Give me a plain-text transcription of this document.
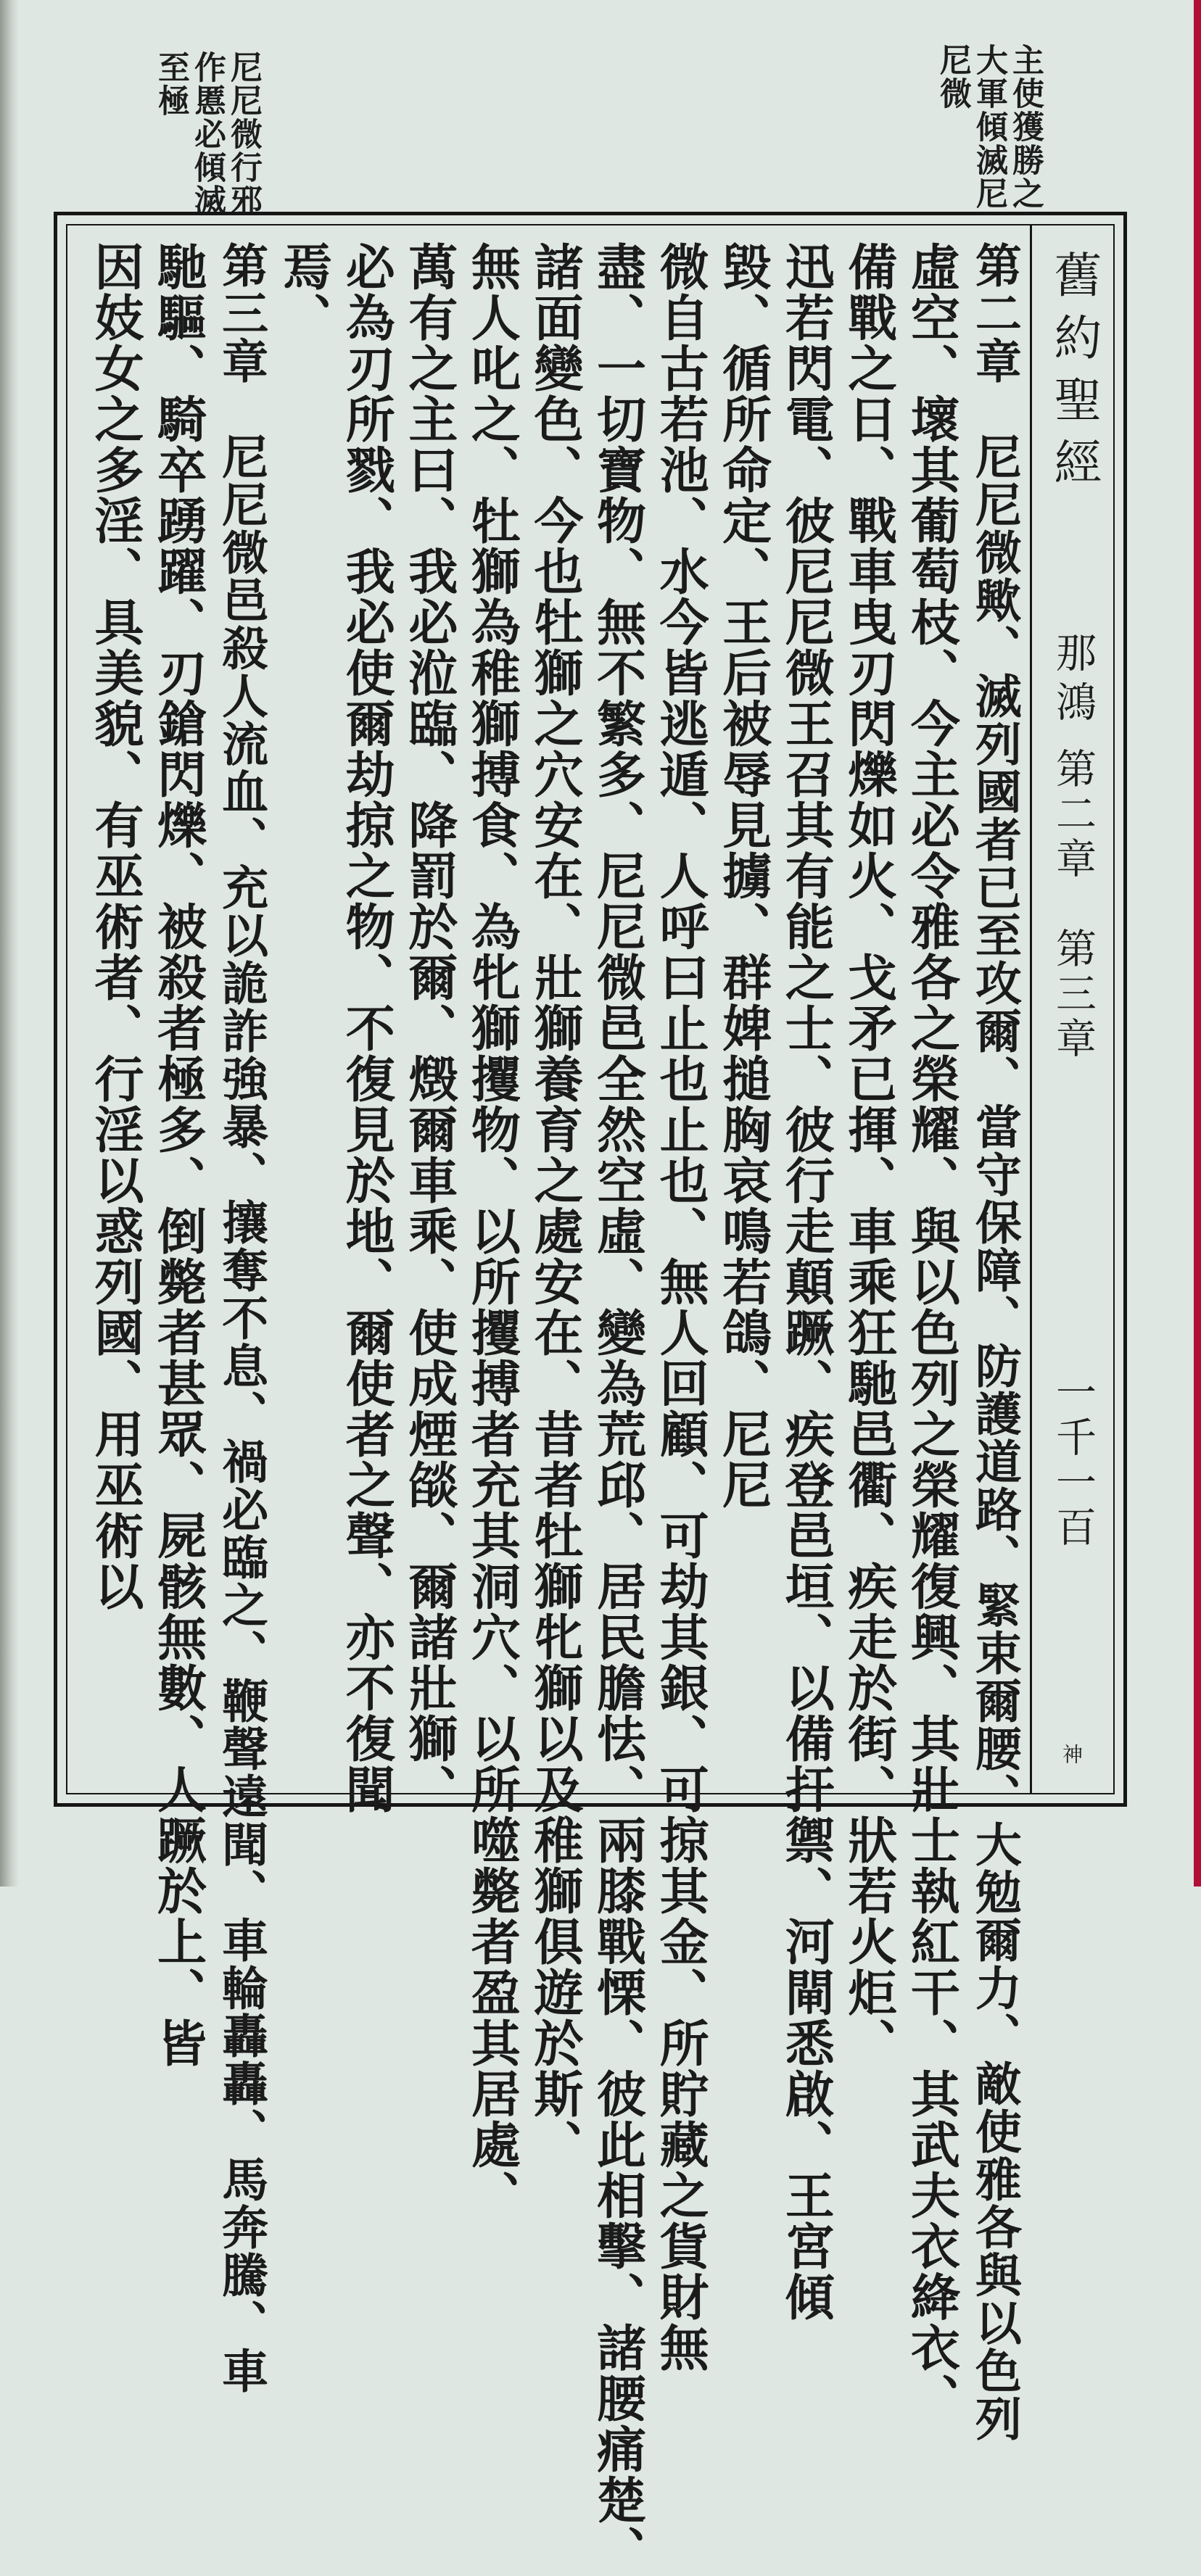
主使獲勝之
大軍傾滅尼
尼微
尼尼微行邪
作慝必傾滅
至極
舊約聖經
那鴻
第二章　第三章
一千一百
神
第二章　尼尼微歟、滅列國者已至攻爾、當守保障、防護道路、緊束爾腰、大勉爾力、敵使雅各與以色列
虛空、壞其葡萄枝、今主必令雅各之榮耀、與以色列之榮耀復興、其壯士執紅干、其武夫衣絳衣、
備戰之日、戰車曳刃閃爍如火、戈矛已揮、車乘狂馳邑衢、疾走於街、狀若火炬、
迅若閃電、彼尼尼微王召其有能之士、彼行走顛蹶、疾登邑垣、以備扞禦、河閘悉啟、王宮傾
毀、循所命定、王后被辱見擄、群婢搥胸哀鳴若鴿、尼尼
微自古若池、水今皆逃遁、人呼曰止也止也、無人回顧、可劫其銀、可掠其金、所貯藏之貨財無
盡、一切寶物、無不繁多、尼尼微邑全然空虛、變為荒邱、居民膽怯、兩膝戰慄、彼此相擊、諸腰痛楚、
諸面變色、今也牡獅之穴安在、壯獅養育之處安在、昔者牡獅牝獅以及稚獅俱遊於斯、
無人叱之、牡獅為稚獅搏食、為牝獅攫物、以所攫搏者充其洞穴、以所噬斃者盈其居處、
萬有之主曰、我必涖臨、降罰於爾、燬爾車乘、使成煙燄、爾諸壯獅、
必為刃所戮、我必使爾劫掠之物、不復見於地、爾使者之聲、亦不復聞
焉、
第三章　尼尼微邑殺人流血、充以詭詐強暴、攘奪不息、禍必臨之、鞭聲遠聞、車輪轟轟、馬奔騰、車
馳驅、騎卒踴躍、刃鎗閃爍、被殺者極多、倒斃者甚眾、屍骸無數、人蹶於上、皆
因妓女之多淫、具美貌、有巫術者、行淫以惑列國、用巫術以
